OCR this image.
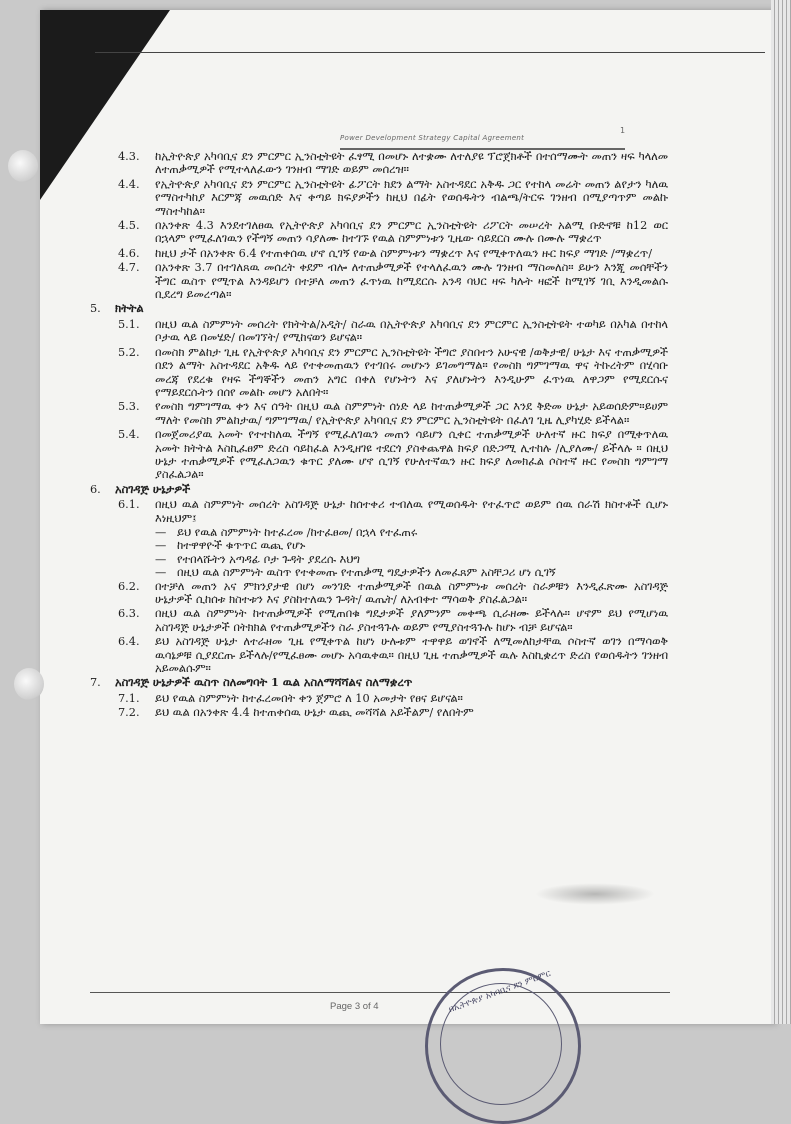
Power Development Strategy Capital Agreement
1
4.3.	ከኢትዮጵያ አካባቢና ደን ምርምር ኢንስቲትዩት ፈፃሚ በመሆኑ ለተቋሙ ለተለያዩ ፕሮጀክቶች በተሰማሙት መጠን ዛፍ ካላለመ ለተጠቃሚዎች የሚተላለፈውን ገንዘብ ማገድ ወይም መሰረዝ።
4.4.	የኢትዮጵያ አካባቢና ደን ምርምር ኢንስቲትዩት ፊፖርት ክደን ልማት አስተዳደር አቅዱ ጋር የተከላ መሬት መጠን ልየታን ካለዉ የማስተካከያ እርምጃ መዉሰድ እና ቀጣይ ክፍያዎችን ከዚህ በፊት የወሰዱትን ብልጫ/ትርፍ ገንዘብ በሚያጣጥም መልኩ ማስተካከል።
4.5.	በአንቀጽ 4.3 እንደተገለፀዉ የኢትዮጵያ አካባቢና ደን ምርምር ኢንስቲትዩት ሪፖርት መሠረት አልሚ ቡድኖቹ ከ12 ወር በኋላም የሚፈለገዉን የችግኝ መጠን ሳያለሙ ከተገኙ የዉል ስምምነቱን ጊዜው ሳይደርስ ሙሉ በሙሉ ማቋረጥ
4.6.	ከዚህ ታች በአንቀጽ 6.4 የተጠቀሰዉ ሆኖ ሲገኝ የውል ስምምነቱን ማቋረጥ እና የሚቀጥለዉን ዙር ክፍያ ማገድ /ማቋረጥ/
4.7.	በአንቀጽ 3.7 በተገለጸዉ መሰረት ቀደም ብሎ ለተጠቃሚዎች የተላለፈዉን ሙሉ ገንዘብ ማስመለስ። ይሁን እንጂ መሰቸችን ችግር ዉስጥ የሚጥል እንዳይሆን በተቻለ መጠን ፈጥነዉ ከሚደርሱ አንዳ ባህር ዛፍ ካሉት ዛፎች ከሚገኝ ገቢ እንዲመልሱ ቢደረግ ይመረጣል።
5.	ክትትል
5.1.	በዚህ ዉል ስምምነት መሰረት የክትትል/አዲት/ ስራዉ በኢትዮጵያ አካባቢና ደን ምርምር ኢንስቲትዩት ተወካይ በአካል በተከላ ቦታዉ ላይ በመሄድ/ በመገኘት/ የሚከናወን ይሆናል።
5.2.	በመስክ ምልከታ ጊዜ የኢትዮጵያ አካባቢና ደን ምርምር ኢንስቲትዩት ችግሮ ያስበተን አሁናዊ /ወቅታዊ/ ሁኔታ እና ተጠቃሚዎች በደን ልማት አስተዳደር አቅዱ ላይ የተቀመጠዉን የተገበሩ መሆኑን ይገመግማል። የመስክ ግምገማዉ ዋና ትኩረትም በሂሳቡ መረጃ የደረቁ የዛፍ ችግኞችን መጠን አግር በቀለ የሆኑትን እና ያለሆኑትን እንዲሁም ፈጥነዉ ለዋጋም የሚደርሱና የማይደርሱትን በሰየ መልኩ መሆን አለበት።
5.3.	የመስክ ግምገማዉ ቀን እና ሰዓት በዚህ ዉል ስምምነት ሰነድ ላይ ከተጠቃሚዎች ጋር እንደ ቅድመ ሁኔታ አይወሰድም።ይሀም ማለት የመስክ ምልከታዉ/ ግምገማዉ/ የኢትዮጵያ አካባቢና ደን ምርምር ኢንስቲትዩት በፈለገ ጊዜ ሊያካሂድ ይችላል።
5.4.	በመጀመሪያዉ አመት የተተከለዉ ችግኝ የሚፈለገዉን መጠን ሳይሆን ሲቀር ተጠቃሚዎች ሁለተኛ ዙር ክፍያ በሚቀጥለዉ አመት ክትትል እስኪፈፀም ድረስ ሳይከፈል እንዲዘገዩ ተደርጎ ያስቀጨዋል ክፍያ በድጋሚ ሊተከሉ /ሊያለሙ/ ይችላሉ ። በዚህ ሁኔታ ተጠቃሚዎች የሚፈለጋዉን ቁጥር ያለሙ ሆኖ ሲገኝ የሁለተኛዉን ዙር ክፍያ ለመክፈል ሶስተኛ ዙር የመስክ ግምገማ ያስፈልጋል።
6.	አስገዳጅ ሁኔታዎች
6.1.	በዚህ ዉል ስምምነት መሰረት አስገዳጅ ሁኔታ ከሰተቀሪ ተብለዉ የሚወሰዱት የተፈጥሮ ወይም ሰዉ ሰራሽ ክስተቶች ሲሆኑ እነዚህም፤
— ይህ የዉል ስምምነት ከተፈረመ /ከተፈፀመ/ በኋላ የተፈጠሩ
— ከተዋዋዮች ቁጥጥር ዉጪ የሆኑ
— የተበላሹትን አጣዳፊ ቦታ ጉዳት ያደረሱ እህግ
— በዚህ ዉል ስምምነት ዉስጥ የተቀመጡ የተጠቃሚ ግዴታዎችን ለመፈጸም አስቸጋሪ ሆነ ሲገኝ
6.2.	በተቻለ መጠን አና ምክንያታዊ በሆነ መንገድ ተጠቃሚዎች በዉል ስምምነቱ መሰረት ስራዎቹን እንዲፈጽሙ አስገዳጅ ሁኔታዎች ሲከሰቱ ክስተቱን እና ያስከተለዉን ጉዳት/ ዉጤት/ ለአብቀተ ማሳወቅ ያስፈልጋል።
6.3.	በዚህ ዉል ስምምነት ከተጠቃሚዎች የሚጠበቁ ግዴታዎች ያለምንም መቀጫ ሲራዘሙ ይችላሉ። ሆኖም ይህ የሚሆነዉ አስገዳጅ ሁኔታዎች በትክክል የተጠቃሚዎችን ስራ ያስተጓጉሉ ወይም የሚያስተጓጉሉ ከሆኑ ብቻ ይሆናል።
6.4.	ይህ አስገዳጅ ሁኔታ ለተራዘመ ጊዜ የሚቀጥል ከሆነ ሁሉቱም ተዋዋይ ወገኖች ለሚመለከታቸዉ ሶስተኛ ወገን በማሳወቅ ዉሳኔዎቹ ሲያደርጡ ይችላሉ/የሚፈፀሙ መሆኑ አሳዉቀዉ። በዚህ ጊዜ ተጠቃሚዎች ዉሉ እስኪቋረጥ ድረስ የወሰዱትን ገንዘብ አይመልሱም።
7.	አስገዳጅ ሁኔታዎች ዉስጥ ስለመግባት 1 ዉል አስለማሻሻልና ስለማቋረጥ
7.1.	ይህ የዉል ስምምነት ከተፈረመበት ቀን ጀምሮ ለ 10 አመታት የፀና ይሆናል።
7.2.	ይህ ዉል በአንቀጽ 4.4 ከተጠቀሰዉ ሁኔታ ዉጪ መሻሻል አይችልም/ የለበትም
Page 3 of 4	በኢትዮጵያ አካባቢና ደን ምርምር
